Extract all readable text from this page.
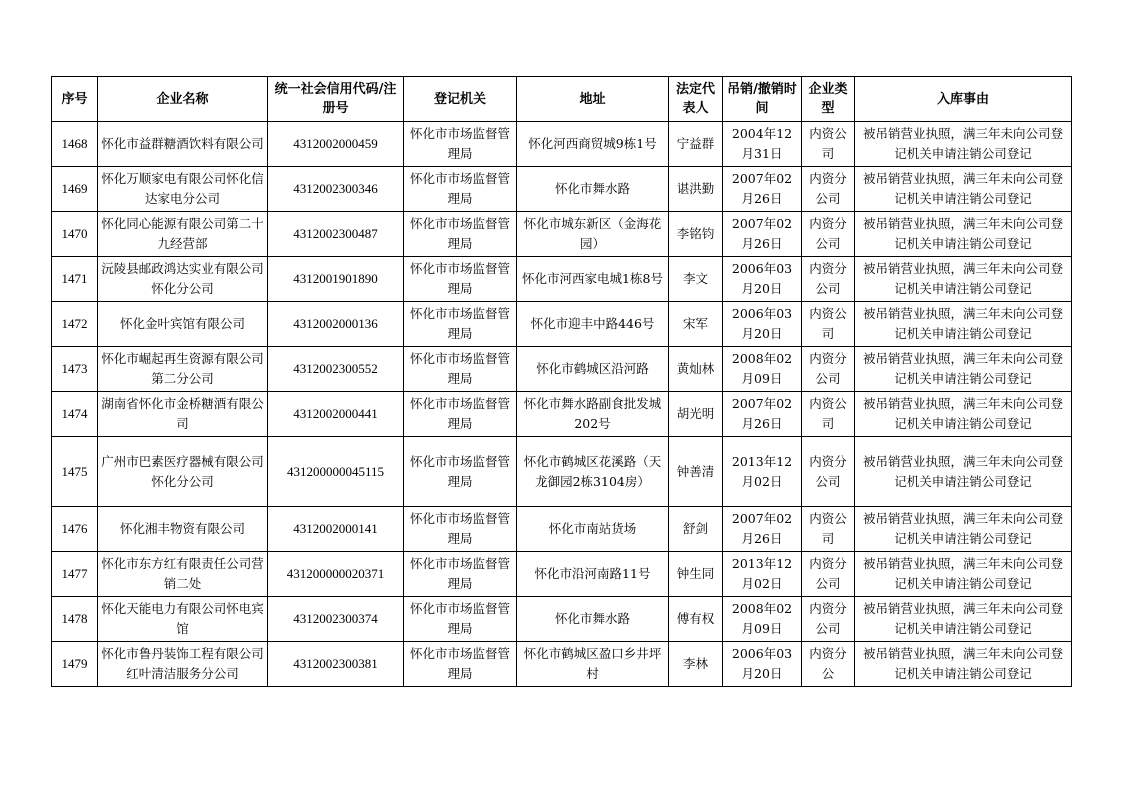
序号	企业名称	统一社会信用代码/注册号	登记机关	地址	法定代表人	吊销/撤销时间	企业类型	入库事由
1468	怀化市益群糖酒饮料有限公司	4312002000459	怀化市市场监督管理局	怀化河西商贸城9栋1号	宁益群	2004年12月31日	内资公司	被吊销营业执照，满三年未向公司登记机关申请注销公司登记
1469	怀化万顺家电有限公司怀化信达家电分公司	4312002300346	怀化市市场监督管理局	怀化市舞水路	谌洪勤	2007年02月26日	内资分公司	被吊销营业执照，满三年未向公司登记机关申请注销公司登记
1470	怀化同心能源有限公司第二十九经营部	4312002300487	怀化市市场监督管理局	怀化市城东新区（金海花园）	李铭钧	2007年02月26日	内资分公司	被吊销营业执照，满三年未向公司登记机关申请注销公司登记
1471	沅陵县邮政鸿达实业有限公司怀化分公司	4312001901890	怀化市市场监督管理局	怀化市河西家电城1栋8号	李文	2006年03月20日	内资分公司	被吊销营业执照，满三年未向公司登记机关申请注销公司登记
1472	怀化金叶宾馆有限公司	4312002000136	怀化市市场监督管理局	怀化市迎丰中路446号	宋军	2006年03月20日	内资公司	被吊销营业执照，满三年未向公司登记机关申请注销公司登记
1473	怀化市崛起再生资源有限公司第二分公司	4312002300552	怀化市市场监督管理局	怀化市鹤城区沿河路	黄灿林	2008年02月09日	内资分公司	被吊销营业执照，满三年未向公司登记机关申请注销公司登记
1474	湖南省怀化市金桥糖酒有限公司	4312002000441	怀化市市场监督管理局	怀化市舞水路副食批发城202号	胡光明	2007年02月26日	内资公司	被吊销营业执照，满三年未向公司登记机关申请注销公司登记
1475	广州市巴素医疗器械有限公司怀化分公司	431200000045115	怀化市市场监督管理局	怀化市鹤城区花溪路（天龙御园2栋3104房）	钟善清	2013年12月02日	内资分公司	被吊销营业执照，满三年未向公司登记机关申请注销公司登记
1476	怀化湘丰物资有限公司	4312002000141	怀化市市场监督管理局	怀化市南站货场	舒剑	2007年02月26日	内资公司	被吊销营业执照，满三年未向公司登记机关申请注销公司登记
1477	怀化市东方红有限责任公司营销二处	431200000020371	怀化市市场监督管理局	怀化市沿河南路11号	钟生同	2013年12月02日	内资分公司	被吊销营业执照，满三年未向公司登记机关申请注销公司登记
1478	怀化天能电力有限公司怀电宾馆	4312002300374	怀化市市场监督管理局	怀化市舞水路	傅有权	2008年02月09日	内资分公司	被吊销营业执照，满三年未向公司登记机关申请注销公司登记
1479	怀化市鲁丹装饰工程有限公司红叶清洁服务分公司	4312002300381	怀化市市场监督管理局	怀化市鹤城区盈口乡井坪村	李林	2006年03月20日	内资分公	被吊销营业执照，满三年未向公司登记机关申请注销公司登记
